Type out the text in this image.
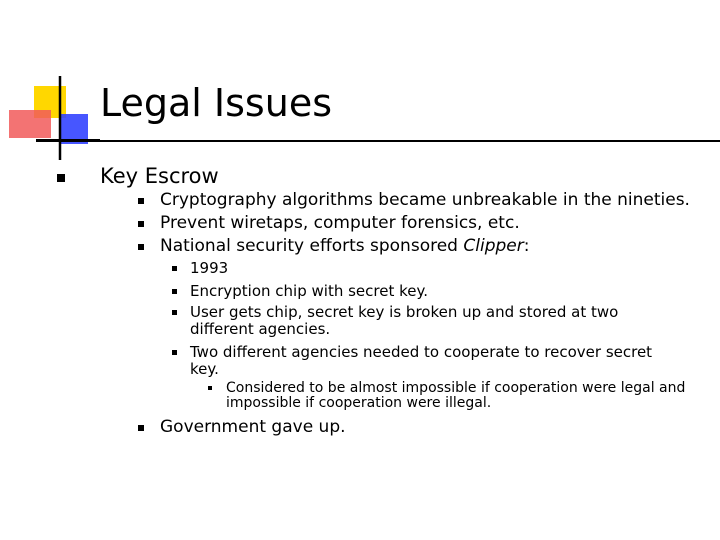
Legal Issues
Key Escrow
Cryptography algorithms became unbreakable in the nineties.
Prevent wiretaps, computer forensics, etc.
National security efforts sponsored Clipper:
1993
Encryption chip with secret key.
User gets chip, secret key is broken up and stored at two
different agencies.
Two different agencies needed to cooperate to recover secret
key.
Considered to be almost impossible if cooperation were legal and
impossible if cooperation were illegal.
Government gave up.
